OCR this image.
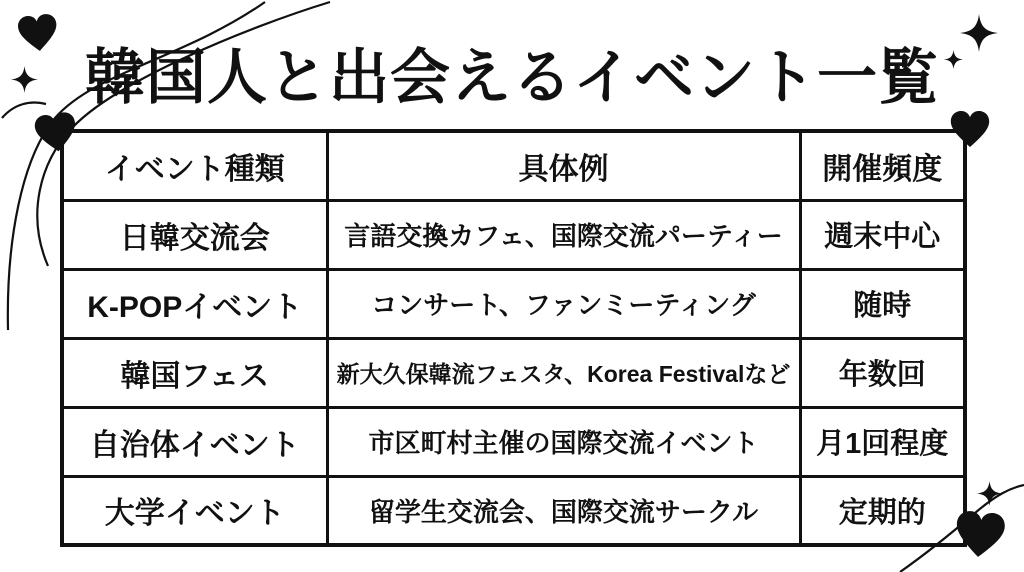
韓国人と出会えるイベント一覧
イベント種類	具体例	開催頻度
日韓交流会	言語交換カフェ、国際交流パーティー	週末中心
K-POPイベント	コンサート、ファンミーティング	随時
韓国フェス	新大久保韓流フェスタ、Korea Festivalなど	年数回
自治体イベント	市区町村主催の国際交流イベント	月1回程度
大学イベント	留学生交流会、国際交流サークル	定期的
